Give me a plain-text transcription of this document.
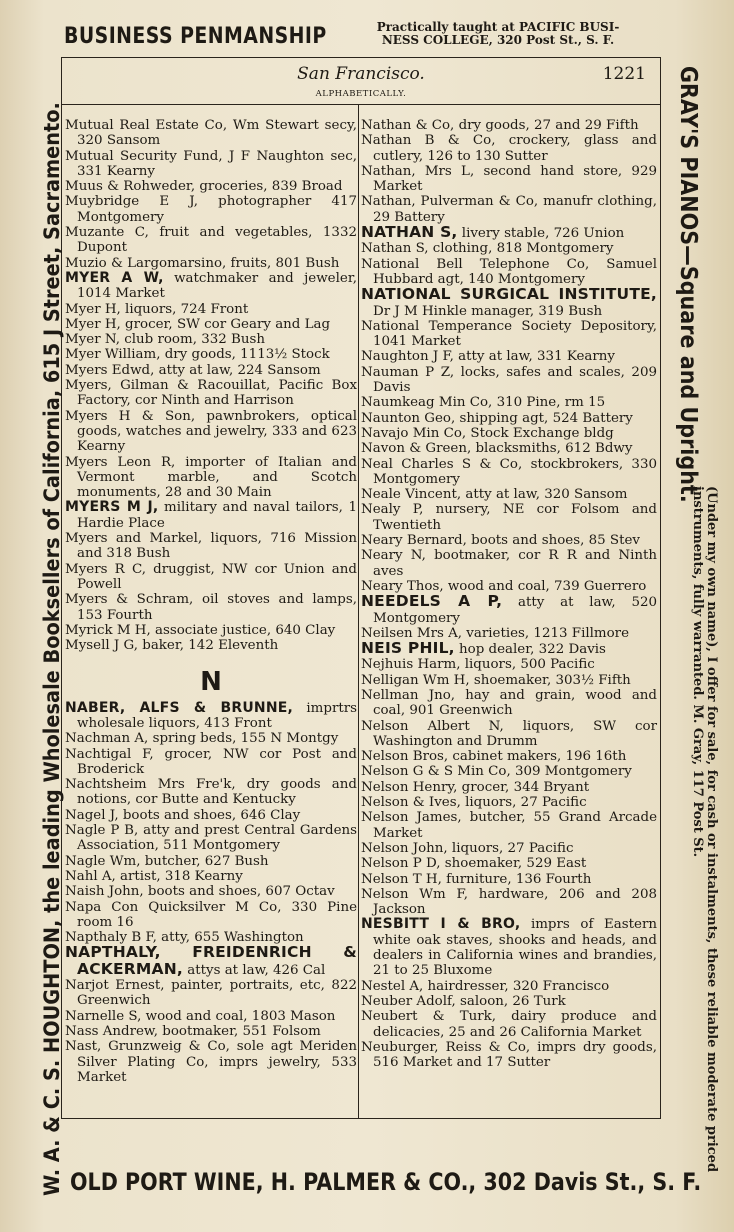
BUSINESS PENMANSHIP	Practically taught at PACIFIC BUSI-
NESS COLLEGE, 320 Post St., S. F.
San Francisco.	1221
ALPHABETICALLY.

Mutual Real Estate Co, Wm Stewart secy, 320 Sansom

Mutual Security Fund, J F Naughton sec, 331 Kearny

Muus & Rohweder, groceries, 839 Broad

Muybridge E J, photographer 417 Montgomery

Muzante C, fruit and vegetables, 1332 Dupont

Muzio & Largomarsino, fruits, 801 Bush

MYER A W, watchmaker and jeweler, 1014 Market

Myer H, liquors, 724 Front

Myer H, grocer, SW cor Geary and Lag

Myer N, club room, 332 Bush

Myer William, dry goods, 1113½ Stock

Myers Edwd, atty at law, 224 Sansom

Myers, Gilman & Racouillat, Pacific Box Factory, cor Ninth and Harrison

Myers H & Son, pawnbrokers, optical goods, watches and jewelry, 333 and 623 Kearny

Myers Leon R, importer of Italian and Vermont marble, and Scotch monuments, 28 and 30 Main

MYERS M J, military and naval tailors, 1 Hardie Place

Myers and Markel, liquors, 716 Mission and 318 Bush

Myers R C, druggist, NW cor Union and Powell

Myers & Schram, oil stoves and lamps, 153 Fourth

Myrick M H, associate justice, 640 Clay

Mysell J G, baker, 142 Eleventh

N

NABER, ALFS & BRUNNE, imprtrs wholesale liquors, 413 Front

Nachman A, spring beds, 155 N Montgy

Nachtigal F, grocer, NW cor Post and Broderick

Nachtsheim Mrs Fre'k, dry goods and notions, cor Butte and Kentucky

Nagel J, boots and shoes, 646 Clay

Nagle P B, atty and prest Central Gardens Association, 511 Montgomery

Nagle Wm, butcher, 627 Bush

Nahl A, artist, 318 Kearny

Naish John, boots and shoes, 607 Octav

Napa Con Quicksilver M Co, 330 Pine room 16

Napthaly B F, atty, 655 Washington

NAPTHALY, FREIDENRICH & ACKERMAN, attys at law, 426 Cal

Narjot Ernest, painter, portraits, etc, 822 Greenwich

Narnelle S, wood and coal, 1803 Mason

Nass Andrew, bootmaker, 551 Folsom

Nast, Grunzweig & Co, sole agt Meriden Silver Plating Co, imprs jewelry, 533 Market

Nathan & Co, dry goods, 27 and 29 Fifth

Nathan B & Co, crockery, glass and cutlery, 126 to 130 Sutter

Nathan, Mrs L, second hand store, 929 Market

Nathan, Pulverman & Co, manufr clothing, 29 Battery

NATHAN S, livery stable, 726 Union

Nathan S, clothing, 818 Montgomery

National Bell Telephone Co, Samuel Hubbard agt, 140 Montgomery

NATIONAL SURGICAL INSTITUTE, Dr J M Hinkle manager, 319 Bush

National Temperance Society Depository, 1041 Market

Naughton J F, atty at law, 331 Kearny

Nauman P Z, locks, safes and scales, 209 Davis

Naumkeag Min Co, 310 Pine, rm 15

Naunton Geo, shipping agt, 524 Battery

Navajo Min Co, Stock Exchange bldg

Navon & Green, blacksmiths, 612 Bdwy

Neal Charles S & Co, stockbrokers, 330 Montgomery

Neale Vincent, atty at law, 320 Sansom

Nealy P, nursery, NE cor Folsom and Twentieth

Neary Bernard, boots and shoes, 85 Stev

Neary N, bootmaker, cor R R and Ninth aves

Neary Thos, wood and coal, 739 Guerrero

NEEDELS A P, atty at law, 520 Montgomery

Neilsen Mrs A, varieties, 1213 Fillmore

NEIS PHIL, hop dealer, 322 Davis

Nejhuis Harm, liquors, 500 Pacific

Nelligan Wm H, shoemaker, 303½ Fifth

Nellman Jno, hay and grain, wood and coal, 901 Greenwich

Nelson Albert N, liquors, SW cor Washington and Drumm

Nelson Bros, cabinet makers, 196 16th

Nelson G & S Min Co, 309 Montgomery

Nelson Henry, grocer, 344 Bryant

Nelson & Ives, liquors, 27 Pacific

Nelson James, butcher, 55 Grand Arcade Market

Nelson John, liquors, 27 Pacific

Nelson P D, shoemaker, 529 East

Nelson T H, furniture, 136 Fourth

Nelson Wm F, hardware, 206 and 208 Jackson

NESBITT I & BRO, imprs of Eastern white oak staves, shooks and heads, and dealers in California wines and brandies, 21 to 25 Bluxome

Nestel A, hairdresser, 320 Francisco

Neuber Adolf, saloon, 26 Turk

Neubert & Turk, dairy produce and delicacies, 25 and 26 California Market

Neuburger, Reiss & Co, imprs dry goods, 516 Market and 17 Sutter

W. A. & C. S. HOUGHTON, the leading Wholesale Booksellers of California, 615 J Street, Sacramento.	GRAY'S PIANOS—Square and Upright.
(Under my own name), I offer for sale, for cash or instalments, these reliable moderate priced instruments, fully warranted. M. Gray, 117 Post St.
OLD PORT WINE, H. PALMER & CO., 302 Davis St., S. F.
